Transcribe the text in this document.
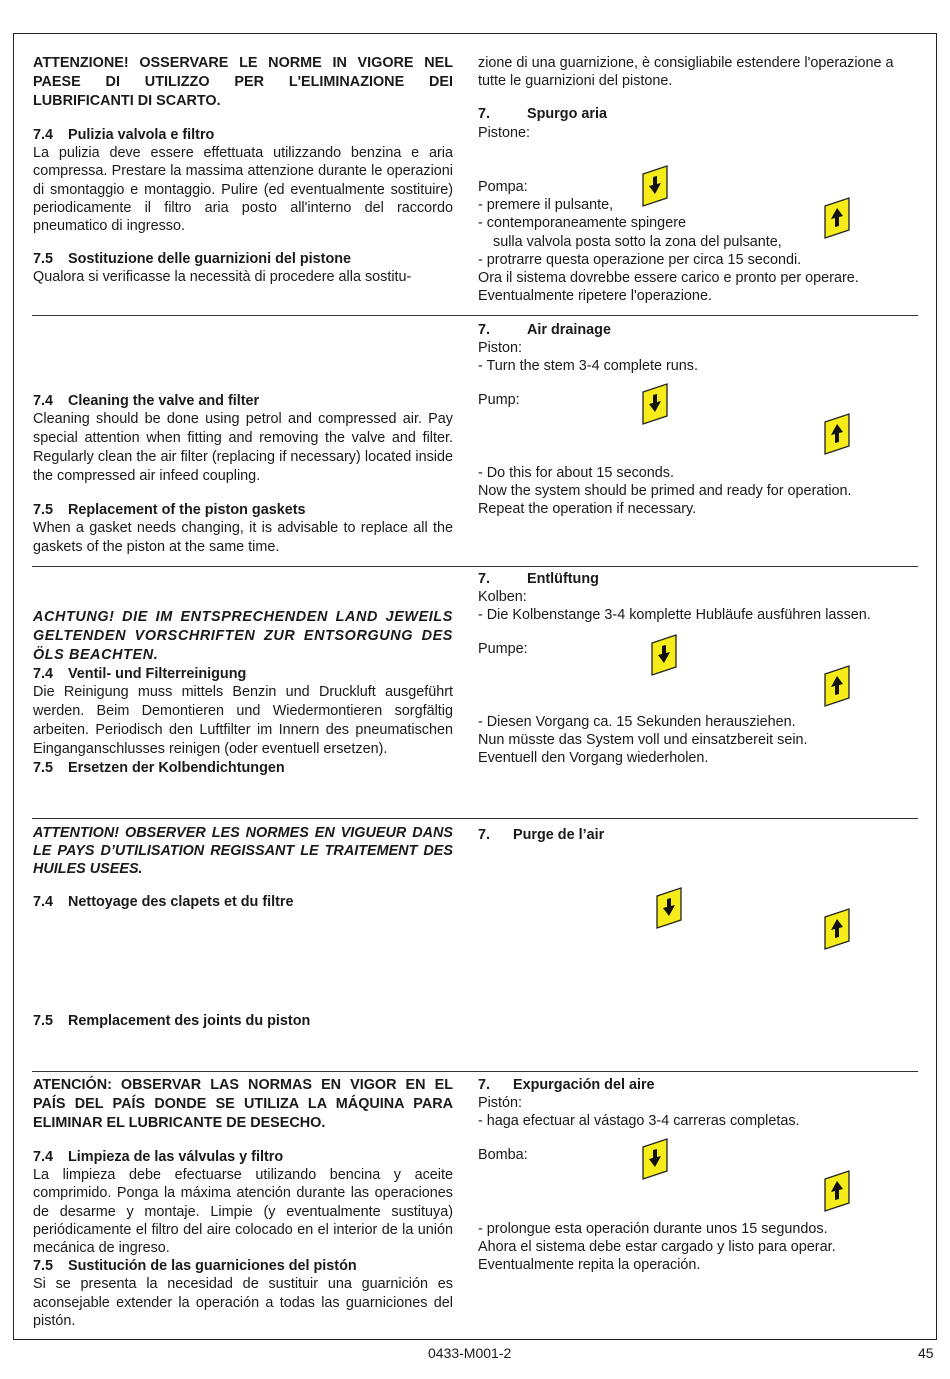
ATTENZIONE! OSSERVARE LE NORME IN VIGORE NEL PAESE DI UTILIZZO PER L'ELIMINAZIONE DEI LUBRIFICANTI DI SCARTO.

7.4 Pulizia valvola e filtro

La pulizia deve essere effettuata utilizzando benzina e aria compressa. Prestare la massima attenzione durante le operazioni di smontaggio e montaggio. Pulire (ed eventualmente sostituire) periodicamente il filtro aria posto all'interno del raccordo pneumatico di ingresso.

7.5 Sostituzione delle guarnizioni del pistone

Qualora si verificasse la necessità di procedere alla sostitu-

zione di una guarnizione, è consigliabile estendere l'operazione a tutte le guarnizioni del pistone.

7.	Spurgo aria

Pistone:

Pompa:

- premere il pulsante,

- contemporaneamente spingere

sulla valvola posta sotto la zona del pulsante,

- protrarre questa operazione per circa 15 secondi.

Ora il sistema dovrebbe essere carico e pronto per operare.

Eventualmente ripetere l'operazione.

7.4 Cleaning the valve and filter

Cleaning should be done using petrol and compressed air. Pay special attention when fitting and removing the valve and filter. Regularly clean the air filter (replacing if necessary) located inside the compressed air infeed coupling.

7.5 Replacement of the piston gaskets

When a gasket needs changing, it is advisable to replace all the gaskets of the piston at the same time.

7.	Air drainage

Piston:

- Turn the stem 3-4 complete runs.

Pump:

- Do this for about 15 seconds.

Now the system should be primed and ready for operation.

Repeat the operation if necessary.

ACHTUNG! DIE IM ENTSPRECHENDEN LAND JEWEILS GELTENDEN VORSCHRIFTEN ZUR ENTSORGUNG DES ÖLS BEACHTEN.

7.4 Ventil- und Filterreinigung

Die Reinigung muss mittels Benzin und Druckluft ausgeführt werden. Beim Demontieren und Wiedermontieren sorgfältig arbeiten. Periodisch den Luftfilter im Innern des pneumatischen Einganganschlusses reinigen (oder eventuell ersetzen).

7.5 Ersetzen der Kolbendichtungen

7.	Entlüftung

Kolben:

- Die Kolbenstange 3-4 komplette Hubläufe ausführen lassen.

Pumpe:

- Diesen Vorgang ca. 15 Sekunden herausziehen.

Nun müsste das System voll und einsatzbereit sein.

Eventuell den Vorgang wiederholen.

ATTENTION! OBSERVER LES NORMES EN VIGUEUR DANS LE PAYS D’UTILISATION REGISSANT LE TRAITEMENT DES HUILES USEES.

7.4 Nettoyage des clapets et du filtre

7.5 Remplacement des joints du piston

7. Purge de l’air

ATENCIÓN: OBSERVAR LAS NORMAS EN VIGOR EN EL PAÍS DEL PAÍS DONDE SE UTILIZA LA MÁQUINA PARA ELIMINAR EL LUBRICANTE DE DESECHO.

7.4 Limpieza de las válvulas y filtro

La limpieza debe efectuarse utilizando bencina y aceite comprimido. Ponga la máxima atención durante las operaciones de desarme y montaje. Limpie (y eventualmente sustituya) periódicamente el filtro del aire colocado en el interior de la unión mecánica de ingreso.

7.5 Sustitución de las guarniciones del pistón

Si se presenta la necesidad de sustituir una guarnición es aconsejable extender la operación a todas las guarniciones del pistón.

7. Expurgación del aire

Pistón:

- haga efectuar al vástago 3-4 carreras completas.

Bomba:

- prolongue esta operación durante unos 15 segundos.

Ahora el sistema debe estar cargado y listo para operar.

Eventualmente repita la operación.

0433-M001-2	45
